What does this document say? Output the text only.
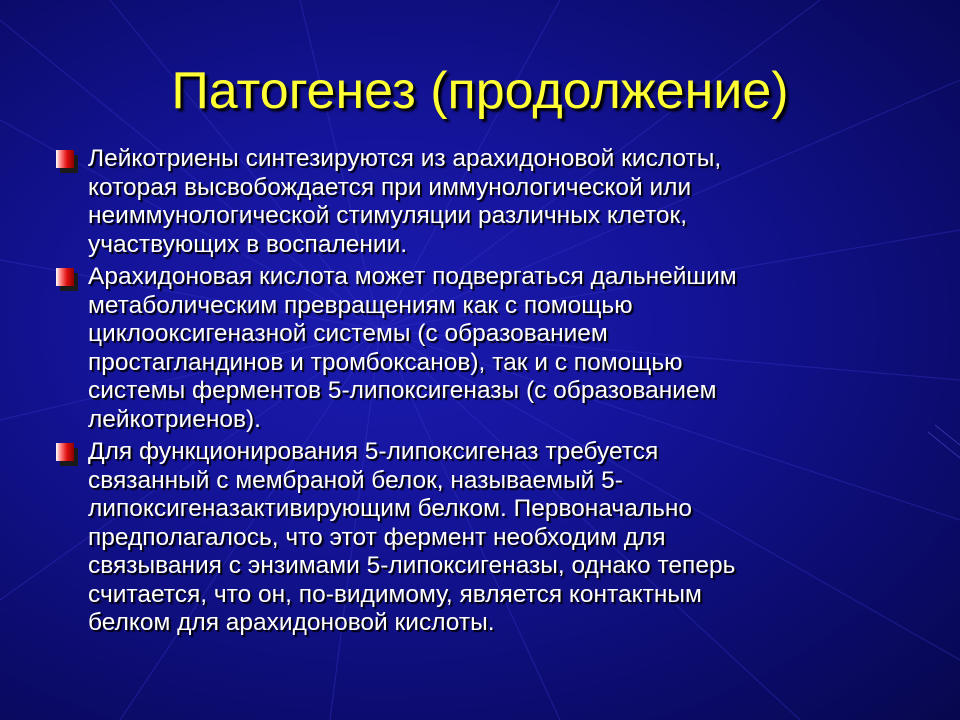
Патогенез (продолжение)
Лейкотриены синтезируются из арахидоновой кислоты,
которая высвобождается при иммунологической или
неиммунологической стимуляции различных клеток,
участвующих в воспалении.
Арахидоновая кислота может подвергаться дальнейшим
метаболическим превращениям как с помощью
циклооксигеназной системы (с образованием
простагландинов и тромбоксанов), так и с помощью
системы ферментов 5-липоксигеназы (с образованием
лейкотриенов).
Для функционирования 5-липоксигеназ требуется
связанный с мембраной белок, называемый 5-
липоксигеназактивирующим белком. Первоначально
предполагалось, что этот фермент необходим для
связывания с энзимами 5-липоксигеназы, однако теперь
считается, что он, по-видимому, является контактным
белком для арахидоновой кислоты.
